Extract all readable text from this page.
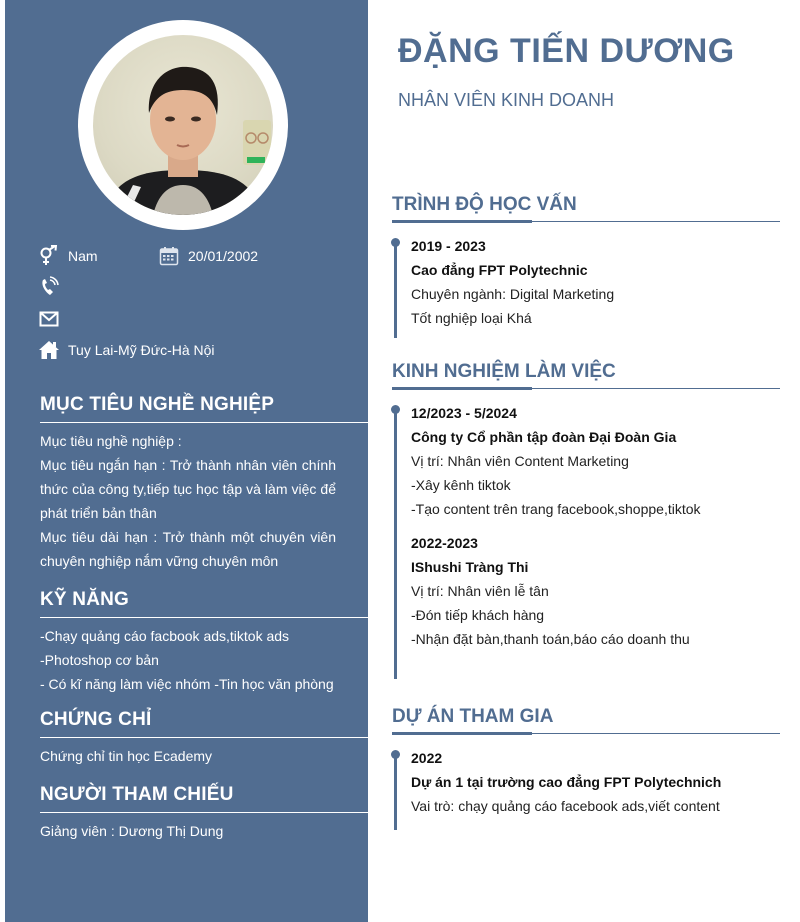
Nam	20/01/2002
Tuy Lai-Mỹ Đức-Hà Nội
MỤC TIÊU NGHỀ NGHIỆP
Mục tiêu nghề nghiệp :
Mục tiêu ngắn hạn : Trở thành nhân viên chính thức của công ty,tiếp tục học tập và làm việc để phát triển bản thân
Mục tiêu dài hạn : Trở thành một chuyên viên chuyên nghiệp nắm vững chuyên môn
KỸ NĂNG
-Chạy quảng cáo facbook ads,tiktok ads
-Photoshop cơ bản
- Có kĩ năng làm việc nhóm -Tin học văn phòng
CHỨNG CHỈ
Chứng chỉ tin học Ecademy
NGƯỜI THAM CHIẾU
Giảng viên : Dương Thị Dung
ĐẶNG TIẾN DƯƠNG
NHÂN VIÊN KINH DOANH
TRÌNH ĐỘ HỌC VẤN
2019 - 2023
Cao đẳng FPT Polytechnic
Chuyên ngành: Digital Marketing
Tốt nghiệp loại Khá
KINH NGHIỆM LÀM VIỆC
12/2023 - 5/2024
Công ty Cổ phần tập đoàn Đại Đoàn Gia
Vị trí: Nhân viên Content Marketing
-Xây kênh tiktok
-Tạo content trên trang facebook,shoppe,tiktok
2022-2023
IShushi Tràng Thi
Vị trí: Nhân viên lễ tân
-Đón tiếp khách hàng
-Nhận đặt bàn,thanh toán,báo cáo doanh thu
DỰ ÁN THAM GIA
2022
Dự án 1 tại trường cao đẳng FPT Polytechnich
Vai trò: chạy quảng cáo facebook ads,viết content
